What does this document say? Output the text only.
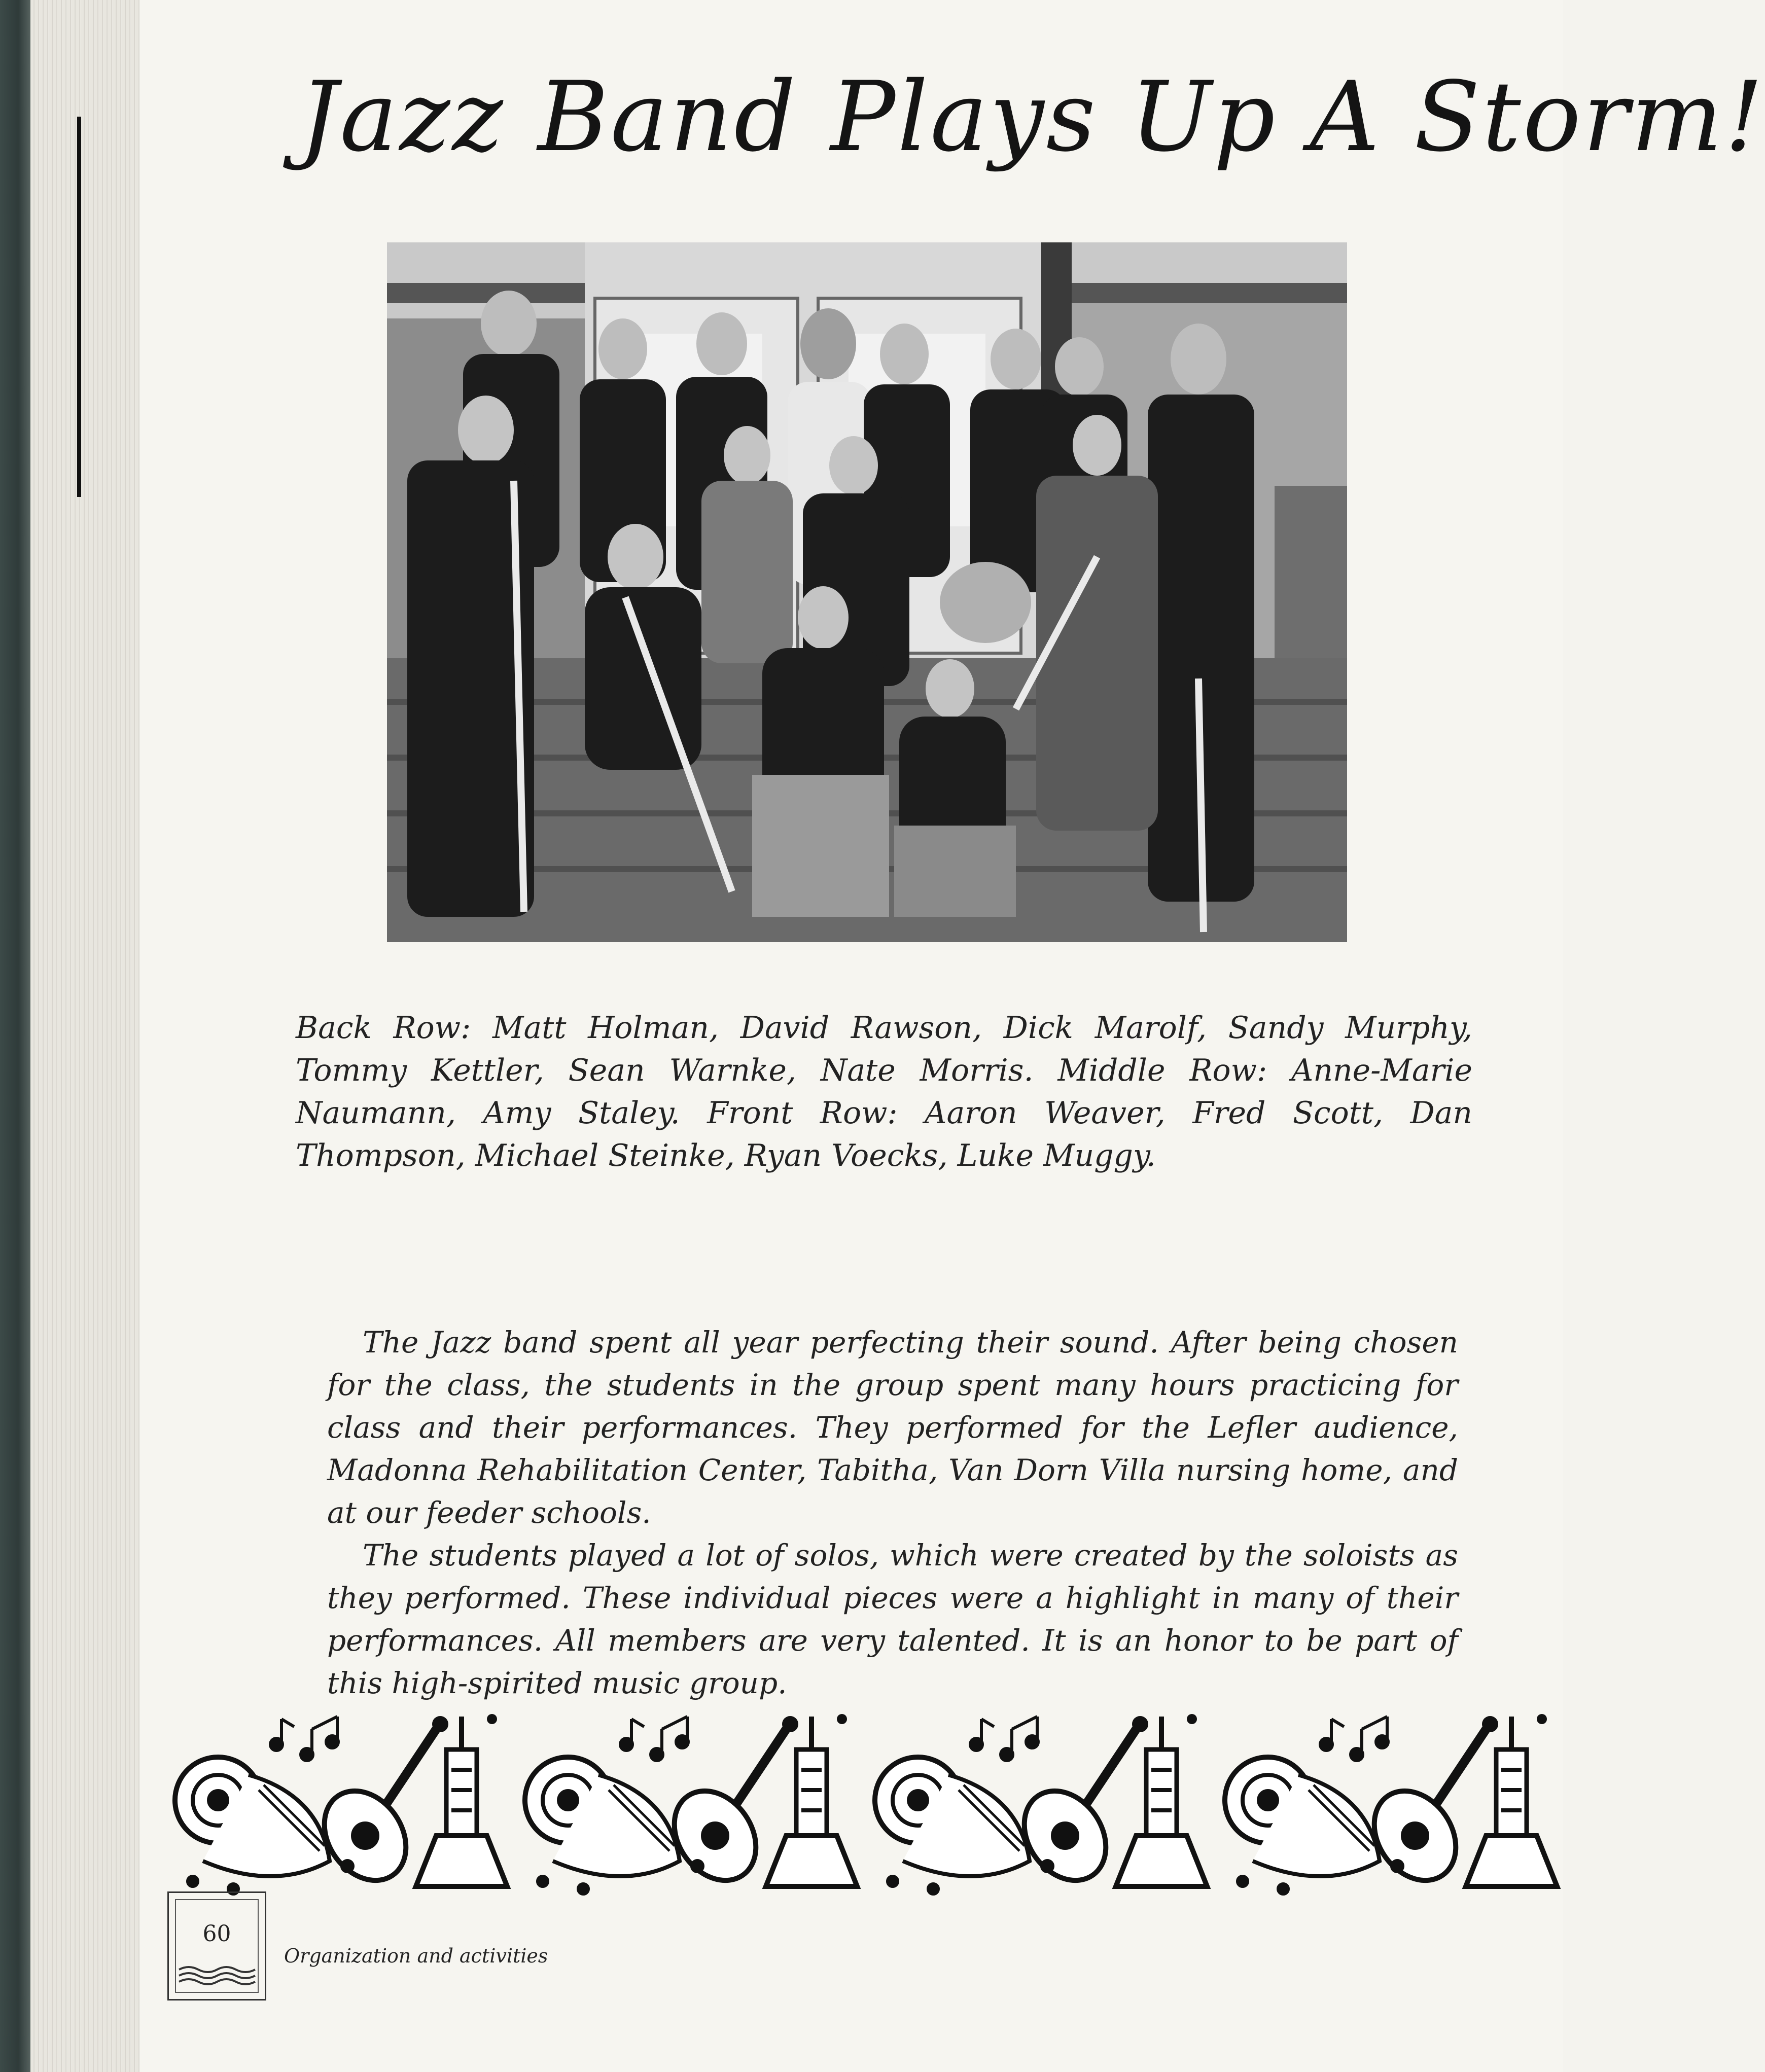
Jazz Band Plays Up A Storm!

Back Row: Matt Holman, David Rawson, Dick Marolf, Sandy Murphy, Tommy Kettler, Sean Warnke, Nate Morris. Middle Row: Anne-Marie Naumann, Amy Staley. Front Row: Aaron Weaver, Fred Scott, Dan Thompson, Michael Steinke, Ryan Voecks, Luke Muggy.

The Jazz band spent all year perfecting their sound. After being chosen for the class, the students in the group spent many hours practicing for class and their performances. They performed for the Lefler audience, Madonna Rehabilitation Center, Tabitha, Van Dorn Villa nursing home, and at our feeder schools.

The students played a lot of solos, which were created by the soloists as they performed. These individual pieces were a highlight in many of their performances. All members are very talented. It is an honor to be part of this high-spirited music group.

60
Organization and activities
